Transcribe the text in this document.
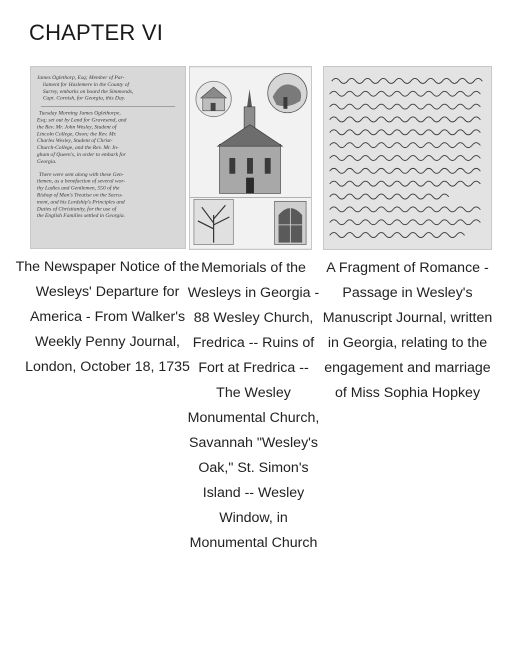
CHAPTER VI
James Oglethorp, Esq; Member of Par-
liament for Haslemere in the County of
Surrey, embarks on board the Simmonds,
Capt. Cornish, for Georgia, this Day.
Tuesday Morning James Oglethorpe,
Esq; set out by Land for Gravesend, and
the Rev. Mr. John Wesley, Student of
Lincoln College, Oxon; the Rev. Mr.
Charles Wesley, Student of Christ-
Church-College, and the Rev. Mr. In-
gham of Queen's, in order to embark for
Georgia.
There were sent along with these Gen-
tlemen, as a benefaction of several wor-
thy Ladies and Gentlemen, 550 of the
Bishop of Man's Treatise on the Sacra-
ment, and his Lordship's Principles and
Duties of Christianity, for the use of
the English Families settled in Georgia.
The Newspaper Notice of the Wesleys' Departure for America - From Walker's Weekly Penny Journal, London, October 18, 1735
Memorials of the Wesleys in Georgia - 88 Wesley Church, Fredrica -- Ruins of Fort at Fredrica -- The Wesley Monumental Church, Savannah "Wesley's Oak," St. Simon's Island -- Wesley Window, in Monumental Church
A Fragment of Romance - Passage in Wesley's Manuscript Journal, written in Georgia, relating to the engagement and marriage of Miss Sophia Hopkey
